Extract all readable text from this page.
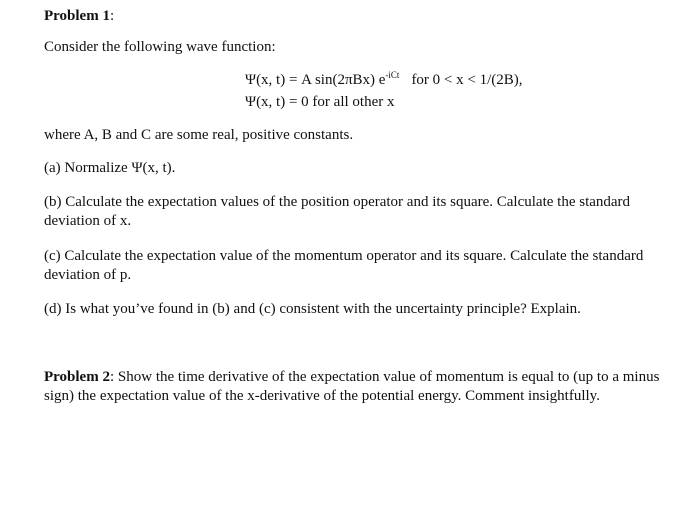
Problem 1:
Consider the following wave function:
Ψ(x, t) = A sin(2πBx) $e^{-iCt}$ for 0 < x < 1/(2B),
Ψ(x, t) = 0 for all other x
where A, B and C are some real, positive constants.
(a) Normalize Ψ(x, t).
(b) Calculate the expectation values of the position operator and its square. Calculate the standard
deviation of x.
(c) Calculate the expectation value of the momentum operator and its square. Calculate the standard
deviation of p.
(d) Is what you’ve found in (b) and (c) consistent with the uncertainty principle? Explain.
Problem 2: Show the time derivative of the expectation value of momentum is equal to (up to a minus
sign) the expectation value of the x-derivative of the potential energy. Comment insightfully.
